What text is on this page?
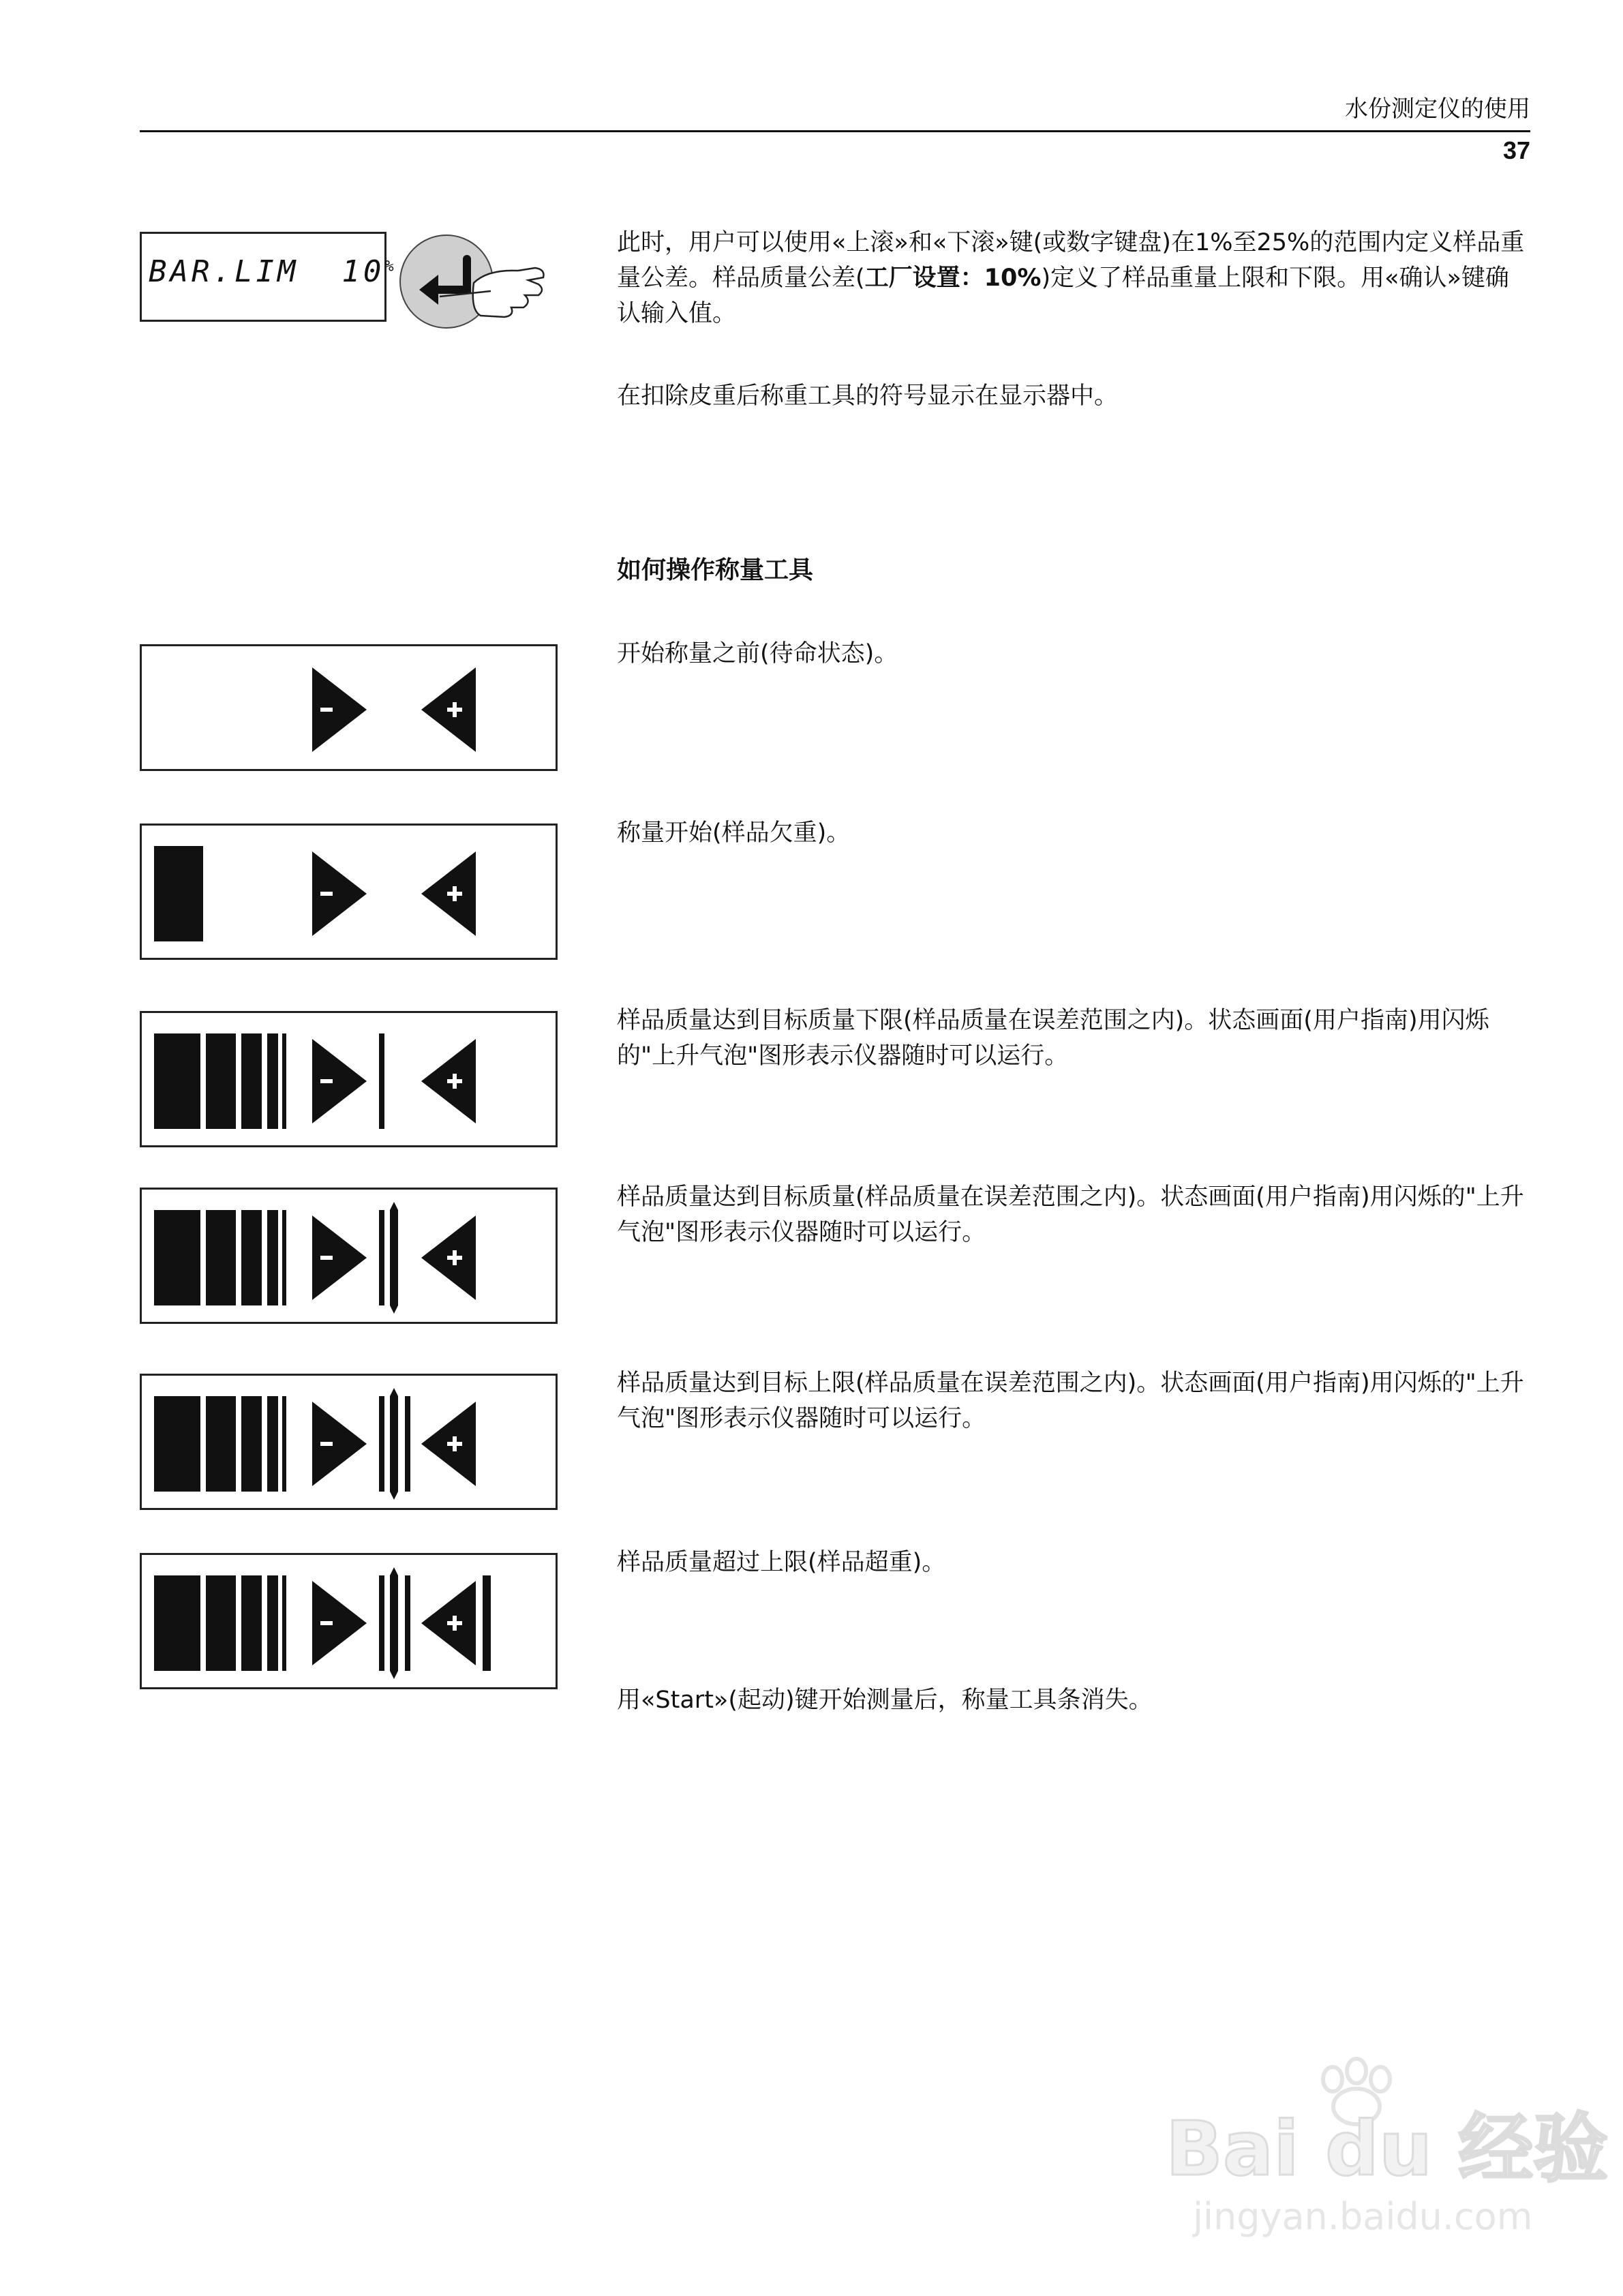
水份测定仪的使用
37
BAR.LIM  10%

此时，用户可以使用«上滚»和«下滚»键(或数字键盘)在1%至25%的范围内定义样品重量公差。样品质量公差(工厂设置：10%)定义了样品重量上限和下限。用«确认»键确认输入值。

在扣除皮重后称重工具的符号显示在显示器中。

如何操作称量工具

开始称量之前(待命状态)。

称量开始(样品欠重)。

样品质量达到目标质量下限(样品质量在误差范围之内)。状态画面(用户指南)用闪烁的"上升气泡"图形表示仪器随时可以运行。

样品质量达到目标质量(样品质量在误差范围之内)。状态画面(用户指南)用闪烁的"上升气泡"图形表示仪器随时可以运行。

样品质量达到目标上限(样品质量在误差范围之内)。状态画面(用户指南)用闪烁的"上升气泡"图形表示仪器随时可以运行。

样品质量超过上限(样品超重)。

用«Start»(起动)键开始测量后，称量工具条消失。

Bai du 经验
jingyan.baidu.com
